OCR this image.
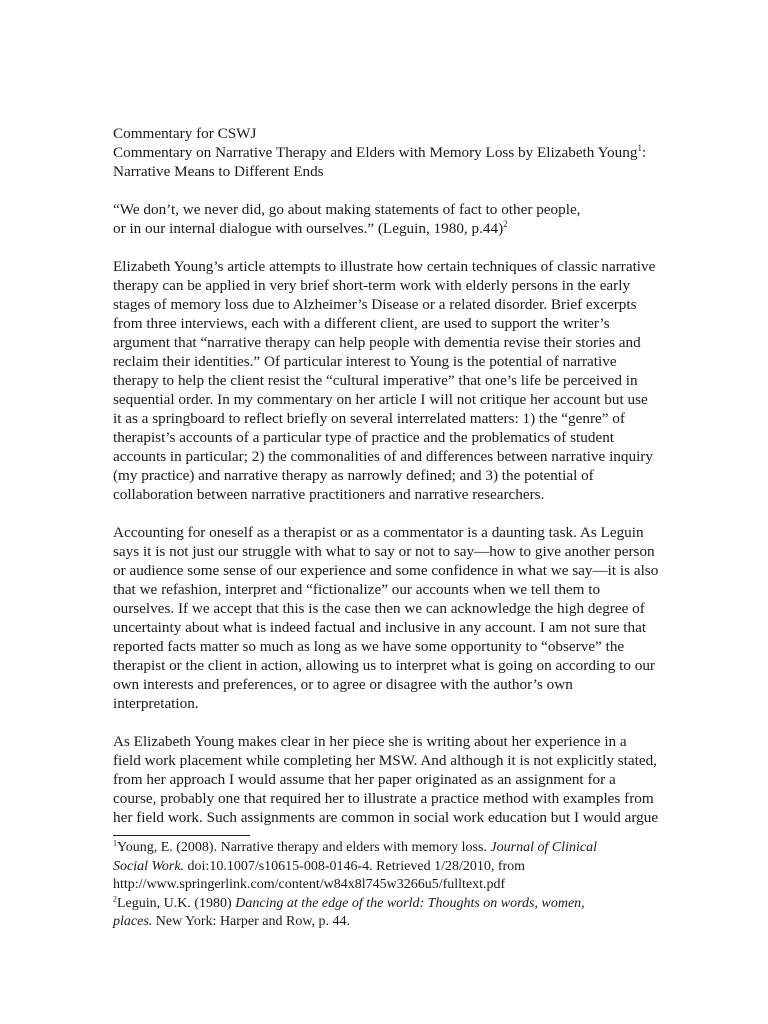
Commentary for CSWJ
Commentary on Narrative Therapy and Elders with Memory Loss by Elizabeth Young$^1$:
Narrative Means to Different Ends
“We don’t, we never did, go about making statements of fact to other people,
or in our internal dialogue with ourselves.” (Leguin, 1980, p.44)$^2$
Elizabeth Young’s article attempts to illustrate how certain techniques of classic narrative
therapy can be applied in very brief short-term work with elderly persons in the early
stages of memory loss due to Alzheimer’s Disease or a related disorder. Brief excerpts
from three interviews, each with a different client, are used to support the writer’s
argument that “narrative therapy can help people with dementia revise their stories and
reclaim their identities.” Of particular interest to Young is the potential of narrative
therapy to help the client resist the “cultural imperative” that one’s life be perceived in
sequential order. In my commentary on her article I will not critique her account but use
it as a springboard to reflect briefly on several interrelated matters: 1) the “genre” of
therapist’s accounts of a particular type of practice and the problematics of student
accounts in particular; 2) the commonalities of and differences between narrative inquiry
(my practice) and narrative therapy as narrowly defined; and 3) the potential of
collaboration between narrative practitioners and narrative researchers.
Accounting for oneself as a therapist or as a commentator is a daunting task. As Leguin
says it is not just our struggle with what to say or not to say—how to give another person
or audience some sense of our experience and some confidence in what we say—it is also
that we refashion, interpret and “fictionalize” our accounts when we tell them to
ourselves. If we accept that this is the case then we can acknowledge the high degree of
uncertainty about what is indeed factual and inclusive in any account. I am not sure that
reported facts matter so much as long as we have some opportunity to “observe” the
therapist or the client in action, allowing us to interpret what is going on according to our
own interests and preferences, or to agree or disagree with the author’s own
interpretation.
As Elizabeth Young makes clear in her piece she is writing about her experience in a
field work placement while completing her MSW. And although it is not explicitly stated,
from her approach I would assume that her paper originated as an assignment for a
course, probably one that required her to illustrate a practice method with examples from
her field work. Such assignments are common in social work education but I would argue
$^1$Young, E. (2008). Narrative therapy and elders with memory loss. Journal of Clinical
Social Work. doi:10.1007/s10615-008-0146-4. Retrieved 1/28/2010, from
http://www.springerlink.com/content/w84x8l745w3266u5/fulltext.pdf
$^2$Leguin, U.K. (1980) Dancing at the edge of the world: Thoughts on words, women,
places. New York: Harper and Row, p. 44.
